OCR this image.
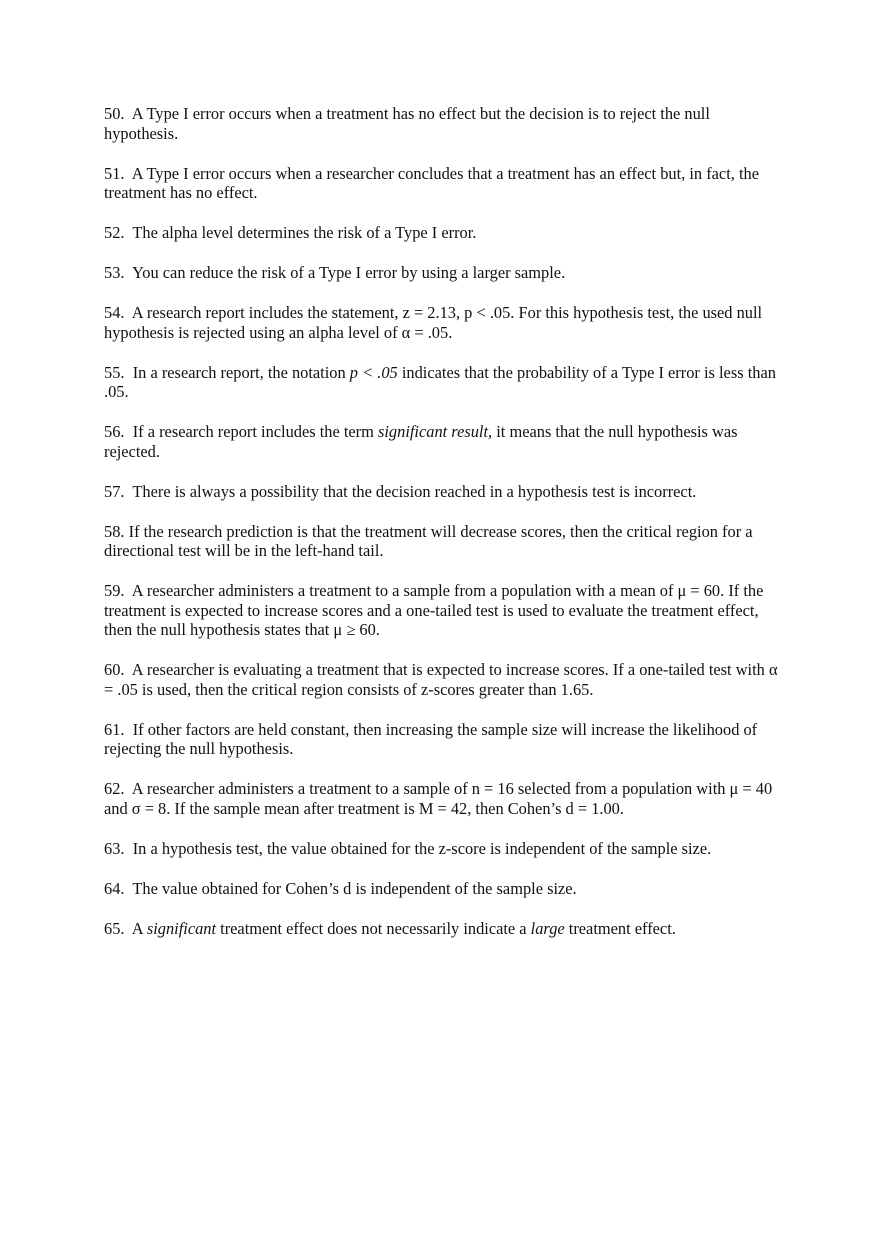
50. A Type I error occurs when a treatment has no effect but the decision is to reject the null hypothesis.

51. A Type I error occurs when a researcher concludes that a treatment has an effect but, in fact, the treatment has no effect.

52. The alpha level determines the risk of a Type I error.

53. You can reduce the risk of a Type I error by using a larger sample.

54. A research report includes the statement, z = 2.13, p < .05. For this hypothesis test, the used null hypothesis is rejected using an alpha level of α = .05.

55. In a research report, the notation p < .05 indicates that the probability of a Type I error is less than .05.

56.  If a research report includes the term significant result, it means that the null hypothesis was rejected.

57. There is always a possibility that the decision reached in a hypothesis test is incorrect.

58. If the research prediction is that the treatment will decrease scores, then the critical region for a directional test will be in the left-hand tail.

59. A researcher administers a treatment to a sample from a population with a mean of μ = 60. If the treatment is expected to increase scores and a one-tailed test is used to evaluate the treatment effect, then the null hypothesis states that μ ≥ 60.

60. A researcher is evaluating a treatment that is expected to increase scores. If a one-tailed test with α = .05 is used, then the critical region consists of z-scores greater than 1.65.

61. If other factors are held constant, then increasing the sample size will increase the likelihood of rejecting the null hypothesis.

62. A researcher administers a treatment to a sample of n = 16 selected from a population with μ = 40 and σ = 8. If the sample mean after treatment is M = 42, then Cohen’s d = 1.00.

63. In a hypothesis test, the value obtained for the z-score is independent of the sample size.

64. The value obtained for Cohen’s d is independent of the sample size.

65. A significant treatment effect does not necessarily indicate a large treatment effect.
